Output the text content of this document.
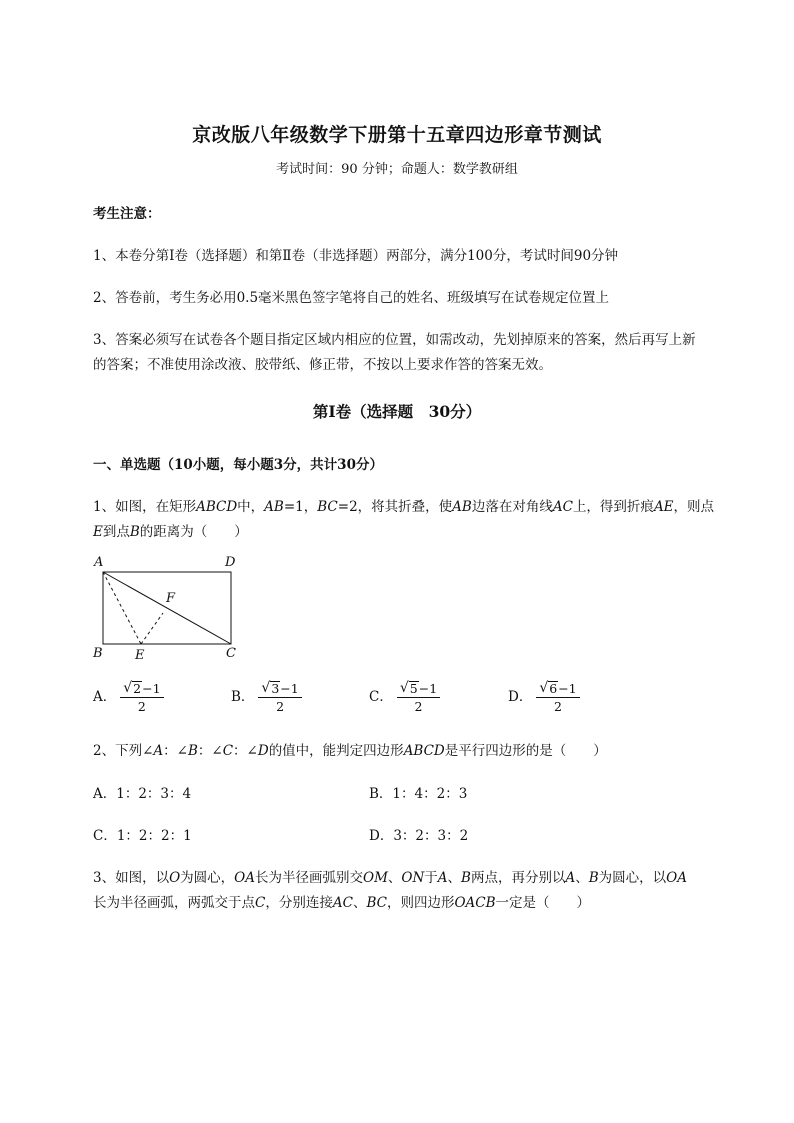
京改版八年级数学下册第十五章四边形章节测试
考试时间：90 分钟；命题人：数学教研组
考生注意：
1、本卷分第Ⅰ卷（选择题）和第Ⅱ卷（非选择题）两部分，满分100分，考试时间90分钟
2、答卷前，考生务必用0.5毫米黑色签字笔将自己的姓名、班级填写在试卷规定位置上
3、答案必须写在试卷各个题目指定区域内相应的位置，如需改动，先划掉原来的答案，然后再写上新
的答案；不准使用涂改液、胶带纸、修正带，不按以上要求作答的答案无效。
第Ⅰ卷（选择题　30分）
一、单选题（10小题，每小题3分，共计30分）
1、如图，在矩形ABCD中，AB=1，BC=2，将其折叠，使AB边落在对角线AC上，得到折痕AE，则点
E到点B的距离为（　　）
A	D
F
B E	C
A． $\frac{√ 2 -1}{2}$	B． $\frac{√ 3 -1}{2}$	C． $\frac{√ 5 -1}{2}$	D． $\frac{√ 6 -1}{2}$
2、下列∠A：∠B：∠C：∠D的值中，能判定四边形ABCD是平行四边形的是（　　）
A．1：2：3：4	B．1：4：2：3
C．1：2：2：1	D．3：2：3：2
3、如图，以O为圆心，OA长为半径画弧别交OM、ON于A、B两点，再分别以A、B为圆心，以OA
长为半径画弧，两弧交于点C，分别连接AC、BC，则四边形OACB一定是（　　）
